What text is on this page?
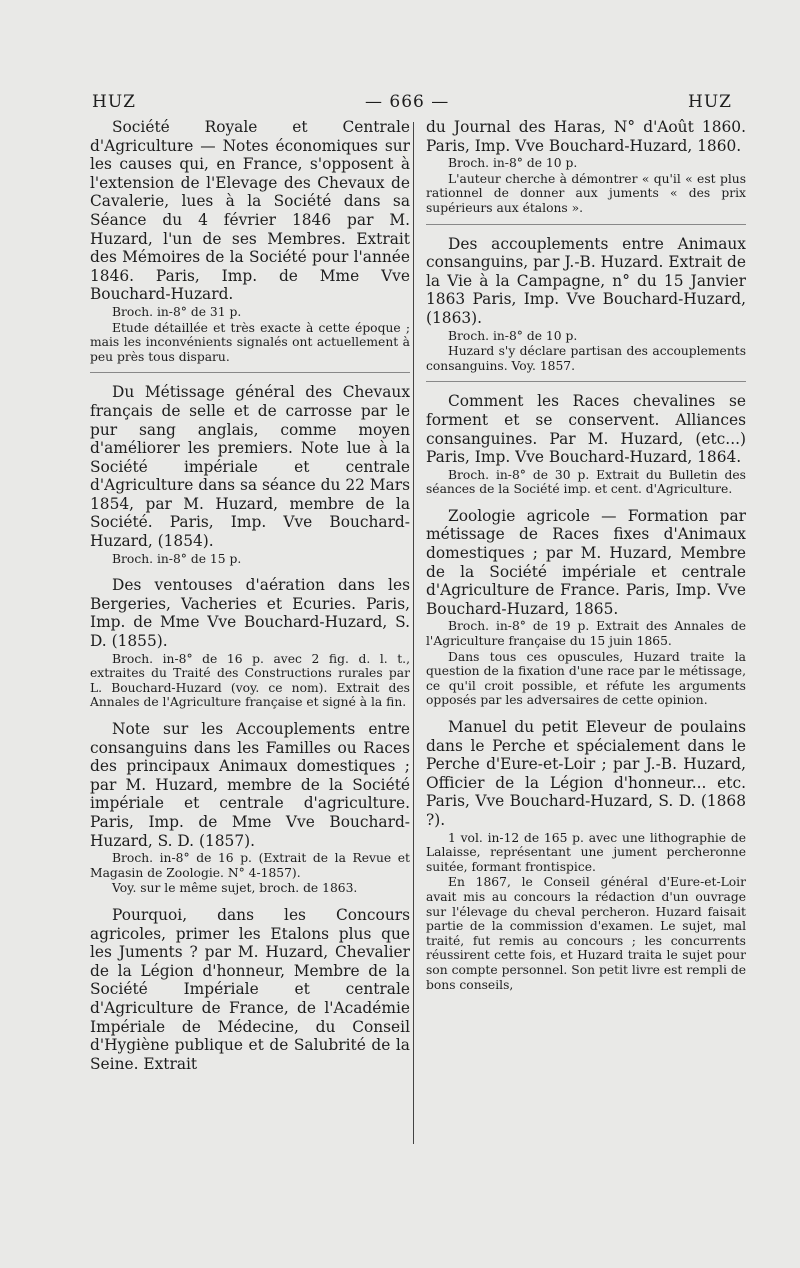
HUZ	— 666 —	HUZ

Société Royale et Centrale d'Agriculture — Notes économiques sur les causes qui, en France, s'opposent à l'extension de l'Elevage des Chevaux de Cavalerie, lues à la Société dans sa Séance du 4 février 1846 par M. Huzard, l'un de ses Membres. Extrait des Mémoires de la Société pour l'année 1846. Paris, Imp. de Mme Vve Bouchard-Huzard.

Broch. in-8° de 31 p.

Etude détaillée et très exacte à cette époque ; mais les inconvénients signalés ont actuellement à peu près tous disparu.

Du Métissage général des Chevaux français de selle et de carrosse par le pur sang anglais, comme moyen d'améliorer les premiers. Note lue à la Société impériale et centrale d'Agriculture dans sa séance du 22 Mars 1854, par M. Huzard, membre de la Société. Paris, Imp. Vve Bouchard-Huzard, (1854).

Broch. in-8° de 15 p.

Des ventouses d'aération dans les Bergeries, Vacheries et Ecuries. Paris, Imp. de Mme Vve Bouchard-Huzard, S. D. (1855).

Broch. in-8° de 16 p. avec 2 fig. d. l. t., extraites du Traité des Constructions rurales par L. Bouchard-Huzard (voy. ce nom). Extrait des Annales de l'Agriculture française et signé à la fin.

Note sur les Accouplements entre consanguins dans les Familles ou Races des principaux Animaux domestiques ; par M. Huzard, membre de la Société impériale et centrale d'agriculture. Paris, Imp. de Mme Vve Bouchard-Huzard, S. D. (1857).

Broch. in-8° de 16 p. (Extrait de la Revue et Magasin de Zoologie. N° 4-1857).

Voy. sur le même sujet, broch. de 1863.

Pourquoi, dans les Concours agricoles, primer les Etalons plus que les Juments ? par M. Huzard, Chevalier de la Légion d'honneur, Membre de la Société Impériale et centrale d'Agriculture de France, de l'Académie Impériale de Médecine, du Conseil d'Hygiène publique et de Salubrité de la Seine. Extrait

du Journal des Haras, N° d'Août 1860. Paris, Imp. Vve Bouchard-Huzard, 1860.

Broch. in-8° de 10 p.

L'auteur cherche à démontrer « qu'il « est plus rationnel de donner aux juments « des prix supérieurs aux étalons ».

Des accouplements entre Animaux consanguins, par J.-B. Huzard. Extrait de la Vie à la Campagne, n° du 15 Janvier 1863 Paris, Imp. Vve Bouchard-Huzard, (1863).

Broch. in-8° de 10 p.

Huzard s'y déclare partisan des accouplements consanguins. Voy. 1857.

Comment les Races chevalines se forment et se conservent. Alliances consanguines. Par M. Huzard, (etc...) Paris, Imp. Vve Bouchard-Huzard, 1864.

Broch. in-8° de 30 p. Extrait du Bulletin des séances de la Société imp. et cent. d'Agriculture.

Zoologie agricole — Formation par métissage de Races fixes d'Animaux domestiques ; par M. Huzard, Membre de la Société impériale et centrale d'Agriculture de France. Paris, Imp. Vve Bouchard-Huzard, 1865.

Broch. in-8° de 19 p. Extrait des Annales de l'Agriculture française du 15 juin 1865.

Dans tous ces opuscules, Huzard traite la question de la fixation d'une race par le métissage, ce qu'il croit possible, et réfute les arguments opposés par les adversaires de cette opinion.

Manuel du petit Eleveur de poulains dans le Perche et spécialement dans le Perche d'Eure-et-Loir ; par J.-B. Huzard, Officier de la Légion d'honneur... etc. Paris, Vve Bouchard-Huzard, S. D. (1868 ?).

1 vol. in-12 de 165 p. avec une lithographie de Lalaisse, représentant une jument percheronne suitée, formant frontispice.

En 1867, le Conseil général d'Eure-et-Loir avait mis au concours la rédaction d'un ouvrage sur l'élevage du cheval percheron. Huzard faisait partie de la commission d'examen. Le sujet, mal traité, fut remis au concours ; les concurrents réussirent cette fois, et Huzard traita le sujet pour son compte personnel. Son petit livre est rempli de bons conseils,
